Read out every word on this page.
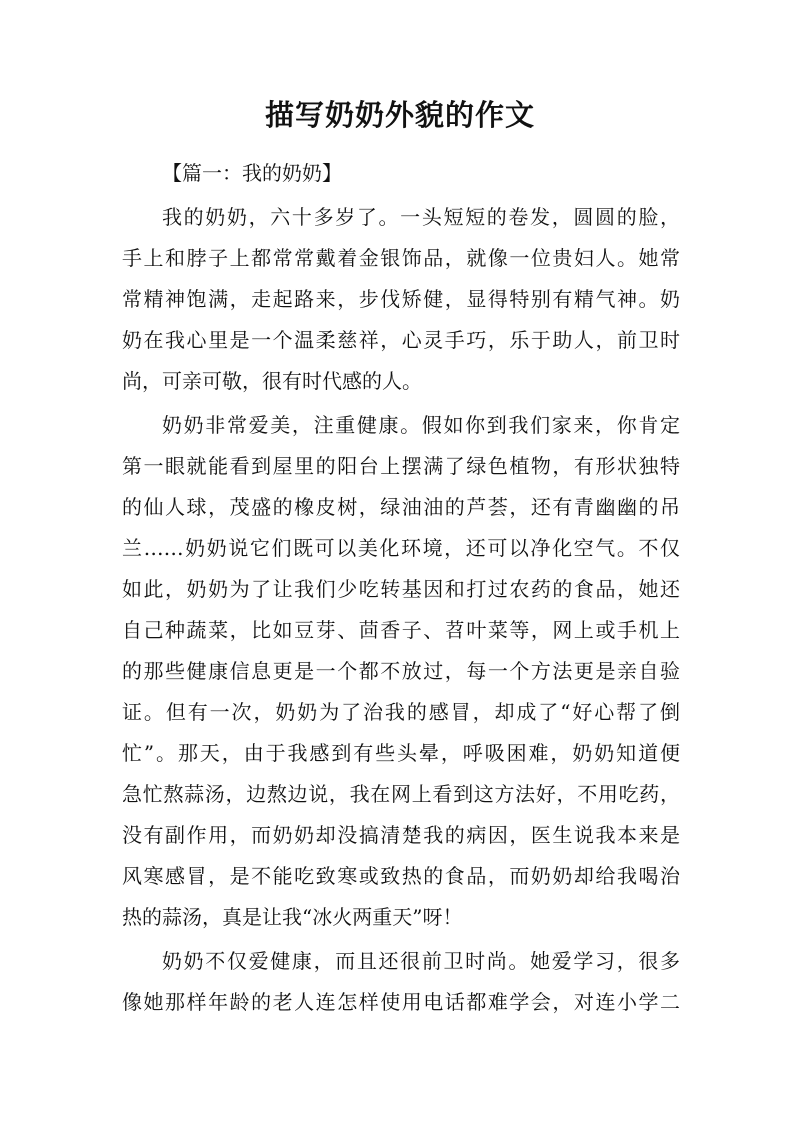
描写奶奶外貌的作文
【篇一：我的奶奶】
我的奶奶，六十多岁了。一头短短的卷发，圆圆的脸，
手上和脖子上都常常戴着金银饰品，就像一位贵妇人。她常
常精神饱满，走起路来，步伐矫健，显得特别有精气神。奶
奶在我心里是一个温柔慈祥，心灵手巧，乐于助人，前卫时
尚，可亲可敬，很有时代感的人。
奶奶非常爱美，注重健康。假如你到我们家来，你肯定
第一眼就能看到屋里的阳台上摆满了绿色植物，有形状独特
的仙人球，茂盛的橡皮树，绿油油的芦荟，还有青幽幽的吊
兰……奶奶说它们既可以美化环境，还可以净化空气。不仅
如此，奶奶为了让我们少吃转基因和打过农药的食品，她还
自己种蔬菜，比如豆芽、茴香子、苕叶菜等，网上或手机上
的那些健康信息更是一个都不放过，每一个方法更是亲自验
证。但有一次，奶奶为了治我的感冒，却成了“好心帮了倒
忙”。那天，由于我感到有些头晕，呼吸困难，奶奶知道便
急忙熬蒜汤，边熬边说，我在网上看到这方法好，不用吃药，
没有副作用，而奶奶却没搞清楚我的病因，医生说我本来是
风寒感冒，是不能吃致寒或致热的食品，而奶奶却给我喝治
热的蒜汤，真是让我“冰火两重天”呀！
奶奶不仅爱健康，而且还很前卫时尚。她爱学习，很多
像她那样年龄的老人连怎样使用电话都难学会，对连小学二
